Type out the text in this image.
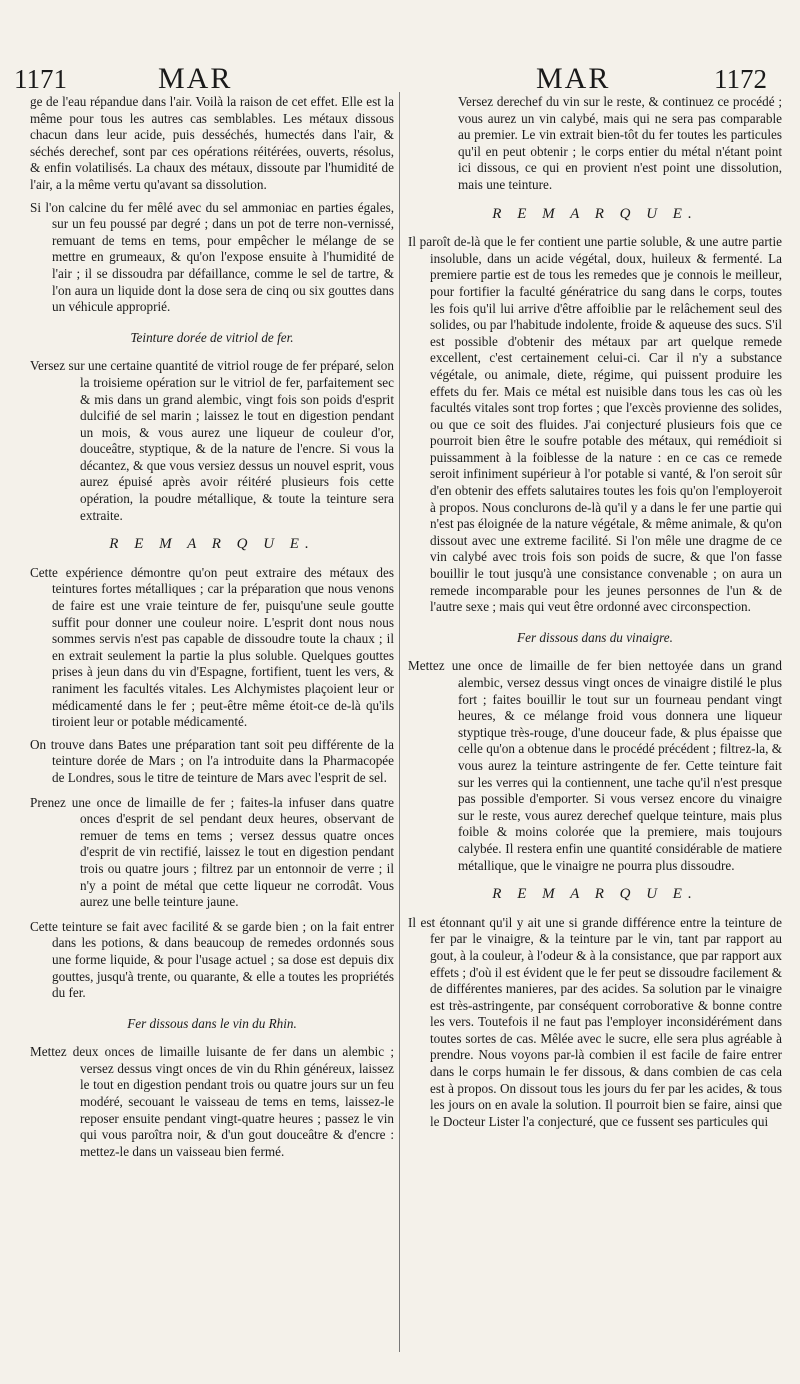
1171	MAR	MAR	1172

ge de l'eau répandue dans l'air. Voilà la raison de cet effet. Elle est la même pour tous les autres cas semblables. Les métaux dissous chacun dans leur acide, puis desséchés, humectés dans l'air, & séchés derechef, sont par ces opérations réitérées, ouverts, résolus, & enfin volatilisés. La chaux des métaux, dissoute par l'humidité de l'air, a la même vertu qu'avant sa dissolution.

Si l'on calcine du fer mêlé avec du sel ammoniac en parties égales, sur un feu poussé par degré ; dans un pot de terre non-vernissé, remuant de tems en tems, pour empêcher le mélange de se mettre en grumeaux, & qu'on l'expose ensuite à l'humidité de l'air ; il se dissoudra par défaillance, comme le sel de tartre, & l'on aura un liquide dont la dose sera de cinq ou six gouttes dans un véhicule approprié.

Teinture dorée de vitriol de fer.

Versez sur une certaine quantité de vitriol rouge de fer préparé, selon la troisieme opération sur le vitriol de fer, parfaitement sec & mis dans un grand alembic, vingt fois son poids d'esprit dulcifié de sel marin ; laissez le tout en digestion pendant un mois, & vous aurez une liqueur de couleur d'or, douceâtre, styptique, & de la nature de l'encre. Si vous la décantez, & que vous versiez dessus un nouvel esprit, vous aurez épuisé après avoir réitéré plusieurs fois cette opération, la poudre métallique, & toute la teinture sera extraite.

R E M A R Q U E.

Cette expérience démontre qu'on peut extraire des métaux des teintures fortes métalliques ; car la préparation que nous venons de faire est une vraie teinture de fer, puisqu'une seule goutte suffit pour donner une couleur noire. L'esprit dont nous nous sommes servis n'est pas capable de dissoudre toute la chaux ; il en extrait seulement la partie la plus soluble. Quelques gouttes prises à jeun dans du vin d'Espagne, fortifient, tuent les vers, & raniment les facultés vitales. Les Alchymistes plaçoient leur or médicamenté dans le fer ; peut-être même étoit-ce de-là qu'ils tiroient leur or potable médicamenté.

On trouve dans Bates une préparation tant soit peu différente de la teinture dorée de Mars ; on l'a introduite dans la Pharmacopée de Londres, sous le titre de teinture de Mars avec l'esprit de sel.

Prenez une once de limaille de fer ; faites-la infuser dans quatre onces d'esprit de sel pendant deux heures, observant de remuer de tems en tems ; versez dessus quatre onces d'esprit de vin rectifié, laissez le tout en digestion pendant trois ou quatre jours ; filtrez par un entonnoir de verre ; il n'y a point de métal que cette liqueur ne corrodât. Vous aurez une belle teinture jaune.

Cette teinture se fait avec facilité & se garde bien ; on la fait entrer dans les potions, & dans beaucoup de remedes ordonnés sous une forme liquide, & pour l'usage actuel ; sa dose est depuis dix gouttes, jusqu'à trente, ou quarante, & elle a toutes les propriétés du fer.

Fer dissous dans le vin du Rhin.

Mettez deux onces de limaille luisante de fer dans un alembic ; versez dessus vingt onces de vin du Rhin généreux, laissez le tout en digestion pendant trois ou quatre jours sur un feu modéré, secouant le vaisseau de tems en tems, laissez-le reposer ensuite pendant vingt-quatre heures ; passez le vin qui vous paroîtra noir, & d'un gout douceâtre & d'encre : mettez-le dans un vaisseau bien fermé.

Versez derechef du vin sur le reste, & continuez ce procédé ; vous aurez un vin calybé, mais qui ne sera pas comparable au premier. Le vin extrait bien-tôt du fer toutes les particules qu'il en peut obtenir ; le corps entier du métal n'étant point ici dissous, ce qui en provient n'est point une dissolution, mais une teinture.

R E M A R Q U E.

Il paroît de-là que le fer contient une partie soluble, & une autre partie insoluble, dans un acide végétal, doux, huileux & fermenté. La premiere partie est de tous les remedes que je connois le meilleur, pour fortifier la faculté génératrice du sang dans le corps, toutes les fois qu'il lui arrive d'être affoiblie par le relâchement seul des solides, ou par l'habitude indolente, froide & aqueuse des sucs. S'il est possible d'obtenir des métaux par art quelque remede excellent, c'est certainement celui-ci. Car il n'y a substance végétale, ou animale, diete, régime, qui puissent produire les effets du fer. Mais ce métal est nuisible dans tous les cas où les facultés vitales sont trop fortes ; que l'excès provienne des solides, ou que ce soit des fluides. J'ai conjecturé plusieurs fois que ce pourroit bien être le soufre potable des métaux, qui remédioit si puissamment à la foiblesse de la nature : en ce cas ce remede seroit infiniment supérieur à l'or potable si vanté, & l'on seroit sûr d'en obtenir des effets salutaires toutes les fois qu'on l'employeroit à propos. Nous conclurons de-là qu'il y a dans le fer une partie qui n'est pas éloignée de la nature végétale, & même animale, & qu'on dissout avec une extreme facilité. Si l'on mêle une dragme de ce vin calybé avec trois fois son poids de sucre, & que l'on fasse bouillir le tout jusqu'à une consistance convenable ; on aura un remede incomparable pour les jeunes personnes de l'un & de l'autre sexe ; mais qui veut être ordonné avec circonspection.

Fer dissous dans du vinaigre.

Mettez une once de limaille de fer bien nettoyée dans un grand alembic, versez dessus vingt onces de vinaigre distilé le plus fort ; faites bouillir le tout sur un fourneau pendant vingt heures, & ce mélange froid vous donnera une liqueur styptique très-rouge, d'une douceur fade, & plus épaisse que celle qu'on a obtenue dans le procédé précédent ; filtrez-la, & vous aurez la teinture astringente de fer. Cette teinture fait sur les verres qui la contiennent, une tache qu'il n'est presque pas possible d'emporter. Si vous versez encore du vinaigre sur le reste, vous aurez derechef quelque teinture, mais plus foible & moins colorée que la premiere, mais toujours calybée. Il restera enfin une quantité considérable de matiere métallique, que le vinaigre ne pourra plus dissoudre.

R E M A R Q U E.

Il est étonnant qu'il y ait une si grande différence entre la teinture de fer par le vinaigre, & la teinture par le vin, tant par rapport au gout, à la couleur, à l'odeur & à la consistance, que par rapport aux effets ; d'où il est évident que le fer peut se dissoudre facilement & de différentes manieres, par des acides. Sa solution par le vinaigre est très-astringente, par conséquent corroborative & bonne contre les vers. Toutefois il ne faut pas l'employer inconsidérément dans toutes sortes de cas. Mêlée avec le sucre, elle sera plus agréable à prendre. Nous voyons par-là combien il est facile de faire entrer dans le corps humain le fer dissous, & dans combien de cas cela est à propos. On dissout tous les jours du fer par les acides, & tous les jours on en avale la solution. Il pourroit bien se faire, ainsi que le Docteur Lister l'a conjecturé, que ce fussent ses particules qui
